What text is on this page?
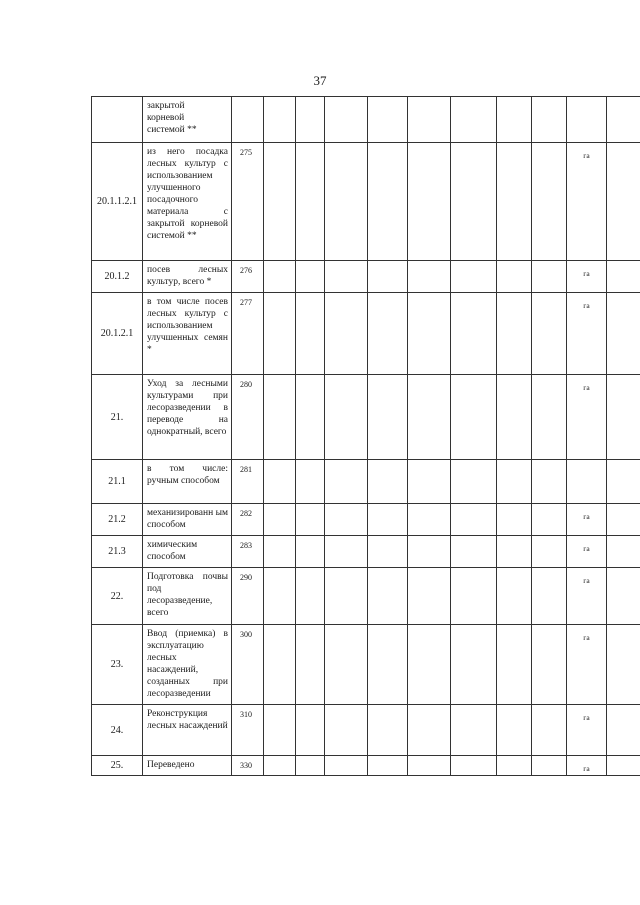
37

	закрытой
корневой
системой **											

20.1.1.2.1	из него посадка лесных культур с использованием улучшенного посадочного материала с закрытой корневой системой **	275									га	
20.1.2	посев лесных культур, всего *	276									га	
20.1.2.1	в том числе посев лесных культур с использованием улучшенных семян *	277									га	
21.	Уход за лесными культурами при лесоразведении в переводе на однократный, всего	280									га	
21.1	в том числе: ручным способом	281										
21.2	механизированн ым способом	282									га	
21.3	химическим способом	283									га	
22.	Подготовка почвы под лесоразведение, всего	290									га	
23.	Ввод (приемка) в эксплуатацию лесных насаждений, созданных при лесоразведении	300									га	
24.	Реконструкция лесных насаждений	310									га	
25.	Переведено	330									га	
